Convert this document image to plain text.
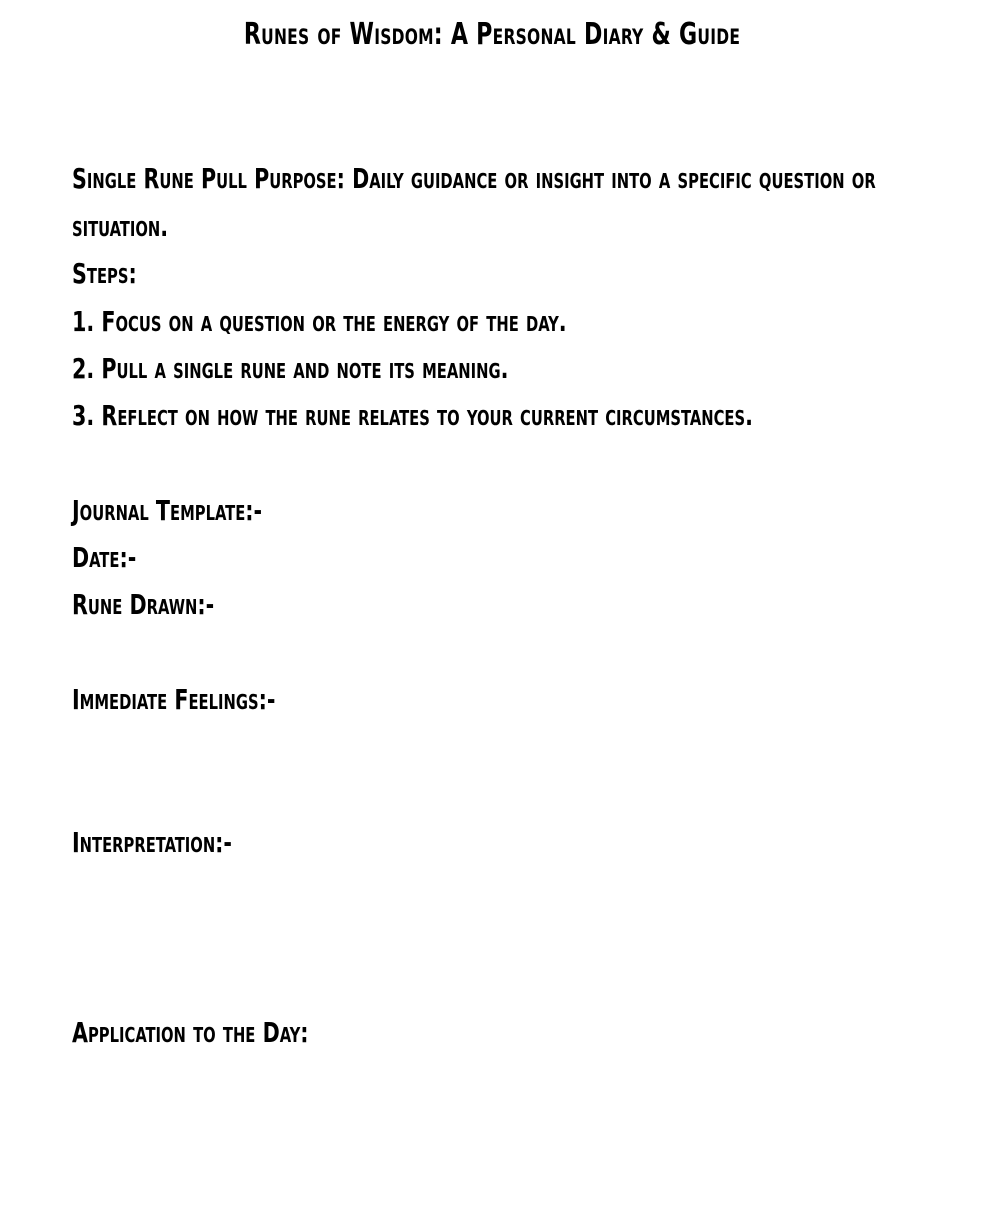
Runes of Wisdom: A Personal Diary & Guide
Single Rune Pull Purpose: Daily guidance or insight into a specific question or
situation.
Steps:
1. Focus on a question or the energy of the day.
2. Pull a single rune and note its meaning.
3. Reflect on how the rune relates to your current circumstances.
Journal Template:-
Date:-
Rune Drawn:-
Immediate Feelings:-
Interpretation:-
Application to the Day:
